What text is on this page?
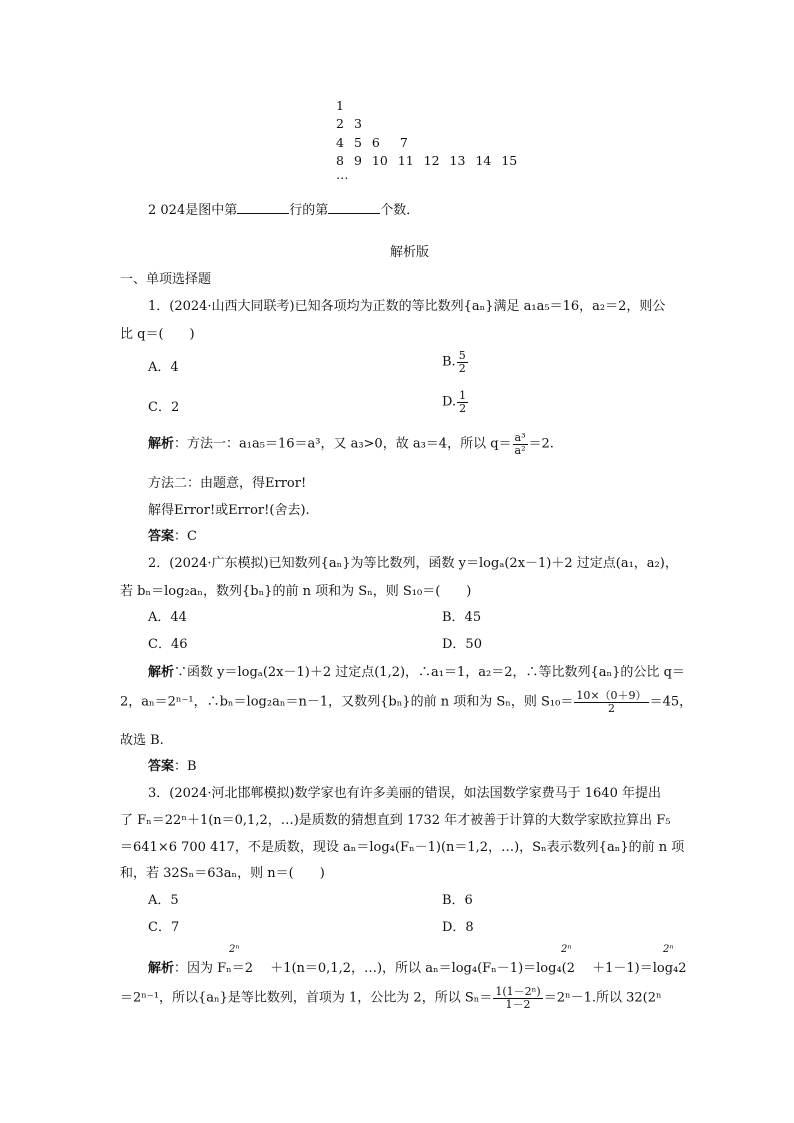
1
2 3
4 5 6 7
8 9 10 11 12 13 14 15
…
2 024是图中第	行的第	个数．
解析版
一、单项选择题
1．(2024·山西大同联考)已知各项均为正数的等比数列{aₙ}满足 a₁a₅＝16，a₂＝2，则公
比 q＝(　　)
A．4	B. $\frac{5}{2}$
C．2	D. $\frac{1}{2}$
解析：方法一：a₁a₅＝16＝a³，又 a₃>0，故 a₃＝4，所以 $q= \frac{\text{a³}}{\text{a²}} =2$.
方法二：由题意，得Error!
解得Error!或Error!(舍去).
答案：C
2．(2024·广东模拟)已知数列{aₙ}为等比数列，函数 y＝logₐ(2x－1)＋2 过定点(a₁，a₂)，
若 bₙ＝log₂aₙ，数列{bₙ}的前 n 项和为 Sₙ，则 S₁₀＝(　　)
A．44	B．45
C．46	D．50
解析∵函数 y＝logₐ(2x－1)＋2 过定点(1,2)，∴a₁＝1，a₂＝2，∴等比数列{aₙ}的公比 q＝
2，aₙ＝2ⁿ⁻¹，∴bₙ＝log₂aₙ＝n－1，又数列{bₙ}的前 n 项和为 Sₙ，则 $S_{10}= \frac{10\times(0+9)}{2} =45$，
故选 B.
答案：B
3．(2024·河北邯郸模拟)数学家也有许多美丽的错误，如法国数学家费马于 1640 年提出
了 Fₙ＝22ⁿ＋1(n＝0,1,2，…)是质数的猜想直到 1732 年才被善于计算的大数学家欧拉算出 F₅
＝641×6 700 417，不是质数，现设 aₙ＝log₄(Fₙ－1)(n＝1,2，…)，Sₙ表示数列{aₙ}的前 n 项
和，若 32Sₙ＝63aₙ，则 n＝(　　)
A．5	B．6
C．7	D．8
解析：因为 Fₙ＝2　 ＋1(n＝0,1,2，…)，所以 aₙ＝log₄(Fₙ－1)＝log₄(2　 ＋1－1)＝log₄2
2ⁿ	2ⁿ	2ⁿ
＝2ⁿ⁻¹，所以{aₙ}是等比数列，首项为 1，公比为 2，所以 $S_n= \frac{\text{1(1－2ⁿ)}}{1-2} =2^n-1$.所以 32(2ⁿ
